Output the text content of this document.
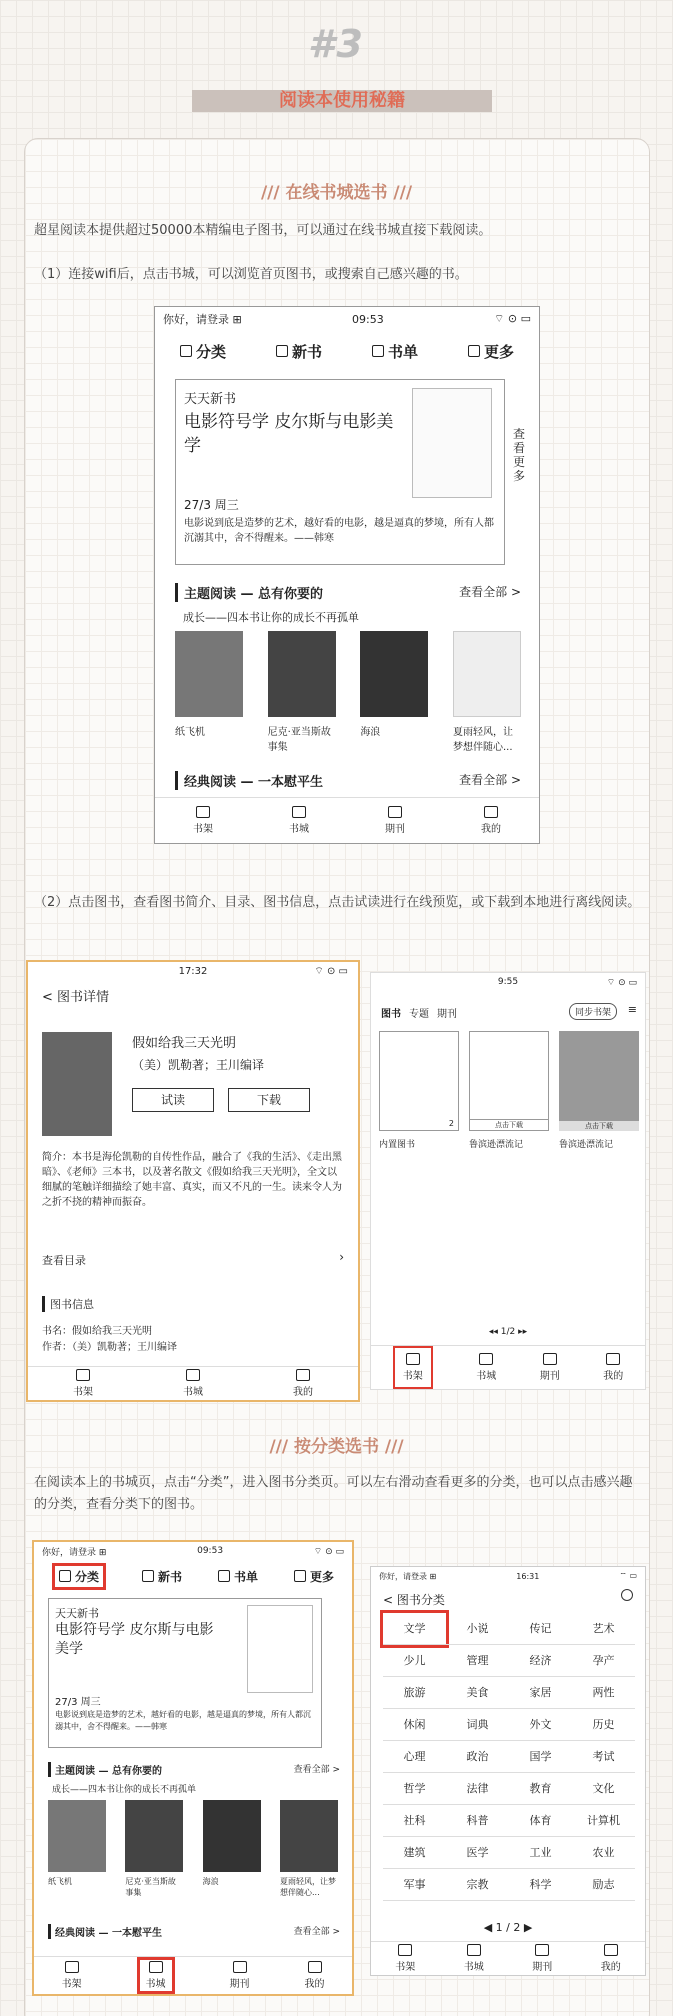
#3
阅读本使用秘籍
/// 在线书城选书 ///
超星阅读本提供超过50000本精编电子图书，可以通过在线书城直接下载阅读。
（1）连接wifi后，点击书城，可以浏览首页图书，或搜索自己感兴趣的书。
你好，请登录 ⊞	09:53	⌔ ⊙ ▭
分类	新书	书单	更多
天天新书
电影符号学 皮尔斯与电影美学
27/3 周三
电影说到底是造梦的艺术，越好看的电影，越是逼真的梦境，所有人都沉溺其中，舍不得醒来。——韩寒
查看更多
主题阅读 — 总有你要的	查看全部 >
成长——四本书让你的成长不再孤单
纸飞机	尼克·亚当斯故事集
海浪	夏雨轻风，让梦想伴随心...
经典阅读 — 一本慰平生	查看全部 >
书架	书城	期刊	我的
（2）点击图书，查看图书简介、目录、图书信息，点击试读进行在线预览，或下载到本地进行离线阅读。
17:32	⌔ ⊙ ▭
< 图书详情
假如给我三天光明
（美）凯勒著；王川编译
试读	下载
简介：本书是海伦凯勒的自传性作品，融合了《我的生活》、《走出黑暗》、《老师》三本书，以及著名散文《假如给我三天光明》，全文以细腻的笔触详细描绘了她丰富、真实，而又不凡的一生。读来令人为之折不挠的精神而振奋。
查看目录	›
图书信息
书名：假如给我三天光明
作者：（美）凯勒著；王川编译
书架	书城	我的
9:55	⌔ ⊙ ▭
图书 专题 期刊	同步书架	≡
2
内置图书
点击下载
鲁滨逊漂流记
点击下载
鲁滨逊漂流记
◂◂ 1/2 ▸▸
书架	书城	期刊	我的
/// 按分类选书 ///
在阅读本上的书城页，点击“分类”，进入图书分类页。可以左右滑动查看更多的分类，也可以点击感兴趣的分类，查看分类下的图书。
你好，请登录 ⊞	09:53	⌔ ⊙ ▭
分类	新书	书单	更多
天天新书
电影符号学 皮尔斯与电影美学
27/3 周三
电影说到底是造梦的艺术，越好看的电影，越是逼真的梦境，所有人都沉溺其中，舍不得醒来。——韩寒
主题阅读 — 总有你要的	查看全部 >
成长——四本书让你的成长不再孤单
纸飞机	尼克·亚当斯故事集
海浪	夏雨轻风，让梦想伴随心...
经典阅读 — 一本慰平生	查看全部 >
书架	书城	期刊	我的
你好，请登录 ⊞	16:31	⌔ ▭
< 图书分类
文学	小说	传记	艺术
少儿	管理	经济	孕产
旅游	美食	家居	两性
休闲	词典	外文	历史
心理	政治	国学	考试
哲学	法律	教育	文化
社科	科普	体育	计算机
建筑	医学	工业	农业
军事	宗教	科学	励志
◀ 1 / 2 ▶
书架	书城	期刊	我的
